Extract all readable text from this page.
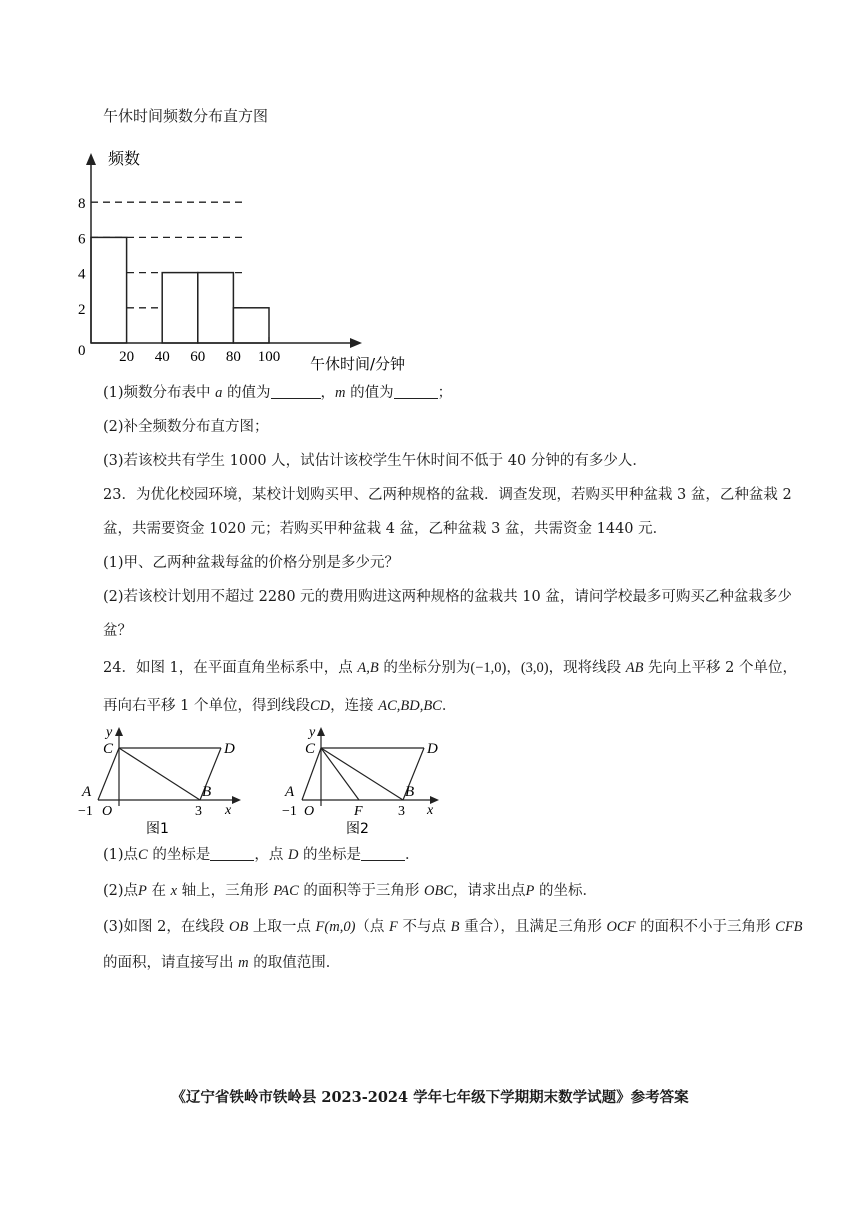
午休时间频数分布直方图
频数
午休时间/分钟
0 20 40 60 80 100
2
4
6
8
(1)频数分布表中 a 的值为	，m 的值为	；
(2)补全频数分布直方图；
(3)若该校共有学生 1000 人，试估计该校学生午休时间不低于 40 分钟的有多少人．
23．为优化校园环境，某校计划购买甲、乙两种规格的盆栽．调查发现，若购买甲种盆栽 3 盆，乙种盆栽 2
盆，共需要资金 1020 元；若购买甲种盆栽 4 盆，乙种盆栽 3 盆，共需资金 1440 元．
(1)甲、乙两种盆栽每盆的价格分别是多少元？
(2)若该校计划用不超过 2280 元的费用购进这两种规格的盆栽共 10 盆，请问学校最多可购买乙种盆栽多少
盆？
24．如图 1，在平面直角坐标系中，点 A,B 的坐标分别为(−1,0)，(3,0)，现将线段 AB 先向上平移 2 个单位，
再向右平移 1 个单位，得到线段CD，连接 AC,BD,BC．
y
C	D
A	B
−1 O	3 x
图1
y
C	D
A	B
−1 O	F	3 x
图2
(1)点C 的坐标是	，点 D 的坐标是	．
(2)点P 在 x 轴上，三角形 PAC 的面积等于三角形 OBC，请求出点P 的坐标．
(3)如图 2，在线段 OB 上取一点 F(m,0)（点 F 不与点 B 重合），且满足三角形 OCF 的面积不小于三角形 CFB
的面积，请直接写出 m 的取值范围．
《辽宁省铁岭市铁岭县 2023-2024 学年七年级下学期期末数学试题》参考答案
